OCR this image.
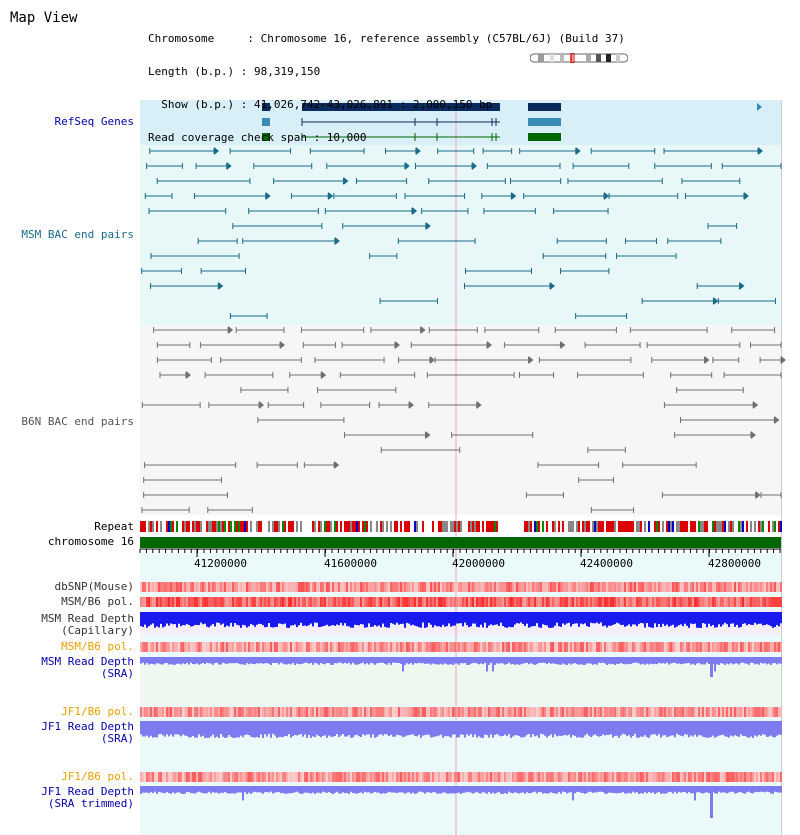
Map View

Chromosome     : Chromosome 16, reference assembly (C57BL/6J) (Build 37)

Length (b.p.) : 98,319,150

Show (b.p.) : 41,026,742-43,026,891 : 2,000,150 bp

Read coverage check span : 10,000

RefSeq Genes
MSM BAC end pairs
B6N BAC end pairs
Repeat
chromosome 16
dbSNP(Mouse)
MSM/B6 pol.
MSM Read Depth
(Capillary)
MSM/B6 pol.
MSM Read Depth
(SRA)
JF1/B6 pol.
JF1 Read Depth
(SRA)
JF1/B6 pol.
JF1 Read Depth
(SRA trimmed)
41200000	41600000	42000000	42400000	42800000
